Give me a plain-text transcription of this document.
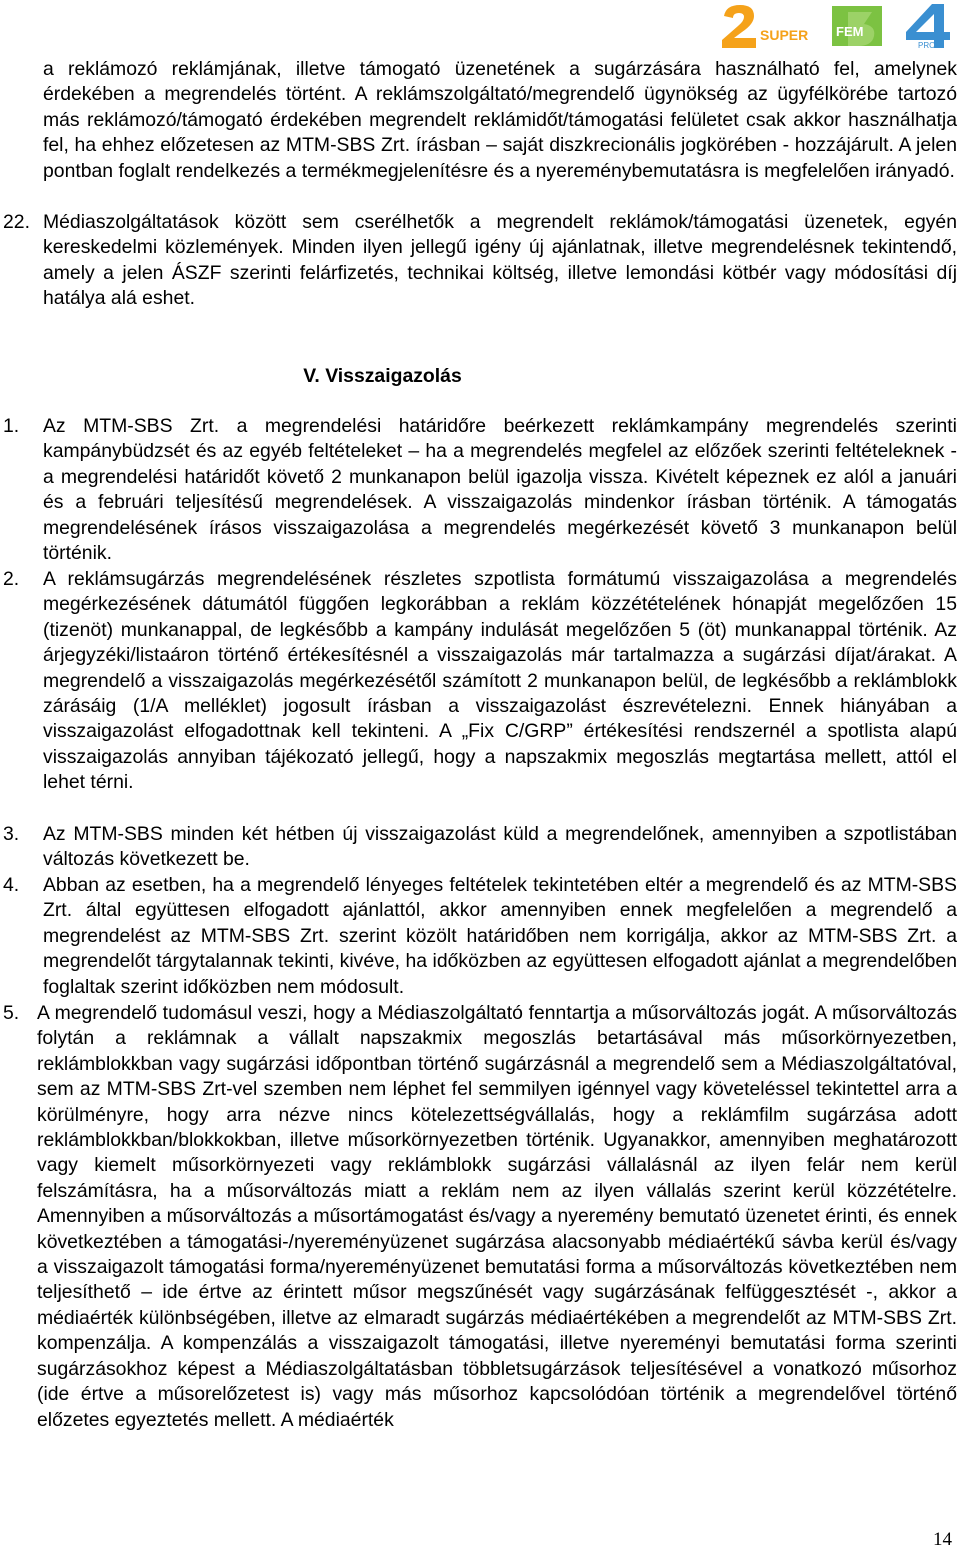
SUPER FEM
PRO

a reklámozó reklámjának, illetve támogató üzenetének a sugárzására használható fel, amelynek érdekében a megrendelés történt. A reklámszolgáltató/megrendelő ügynökség az ügyfélkörébe tartozó más reklámozó/támogató érdekében megrendelt reklámidőt/támogatási felületet csak akkor használhatja fel, ha ehhez előzetesen az MTM-SBS Zrt. írásban – saját diszkrecionális jogkörében - hozzájárult. A jelen pontban foglalt rendelkezés a termékmegjelenítésre és a nyereménybemutatásra is megfelelően irányadó.

22. Médiaszolgáltatások között sem cserélhetők a megrendelt reklámok/támogatási üzenetek, egyén kereskedelmi közlemények. Minden ilyen jellegű igény új ajánlatnak, illetve megrendelésnek tekintendő, amely a jelen ÁSZF szerinti felárfizetés, technikai költség, illetve lemondási kötbér vagy módosítási díj hatálya alá eshet.

V. Visszaigazolás
1. Az MTM-SBS Zrt. a megrendelési határidőre beérkezett reklámkampány megrendelés szerinti kampánybüdzsét és az egyéb feltételeket – ha a megrendelés megfelel az előzőek szerinti feltételeknek - a megrendelési határidőt követő 2 munkanapon belül igazolja vissza. Kivételt képeznek ez alól a januári és a februári teljesítésű megrendelések. A visszaigazolás mindenkor írásban történik. A támogatás megrendelésének írásos visszaigazolása a megrendelés megérkezését követő 3 munkanapon belül történik.

2. A reklámsugárzás megrendelésének részletes szpotlista formátumú visszaigazolása a megrendelés megérkezésének dátumától függően legkorábban a reklám közzétételének hónapját megelőzően 15 (tizenöt) munkanappal, de legkésőbb a kampány indulását megelőzően 5 (öt) munkanappal történik. Az árjegyzéki/listaáron történő értékesítésnél a visszaigazolás már tartalmazza a sugárzási díjat/árakat. A megrendelő a visszaigazolás megérkezésétől számított 2 munkanapon belül, de legkésőbb a reklámblokk zárásáig (1/A melléklet) jogosult írásban a visszaigazolást észrevételezni. Ennek hiányában a visszaigazolást elfogadottnak kell tekinteni. A „Fix C/GRP” értékesítési rendszernél a spotlista alapú visszaigazolás annyiban tájékozató jellegű, hogy a napszakmix megoszlás megtartása mellett, attól el lehet térni.

3. Az MTM-SBS minden két hétben új visszaigazolást küld a megrendelőnek, amennyiben a szpotlistában változás következett be.

4. Abban az esetben, ha a megrendelő lényeges feltételek tekintetében eltér a megrendelő és az MTM-SBS Zrt. által együttesen elfogadott ajánlattól, akkor amennyiben ennek megfelelően a megrendelő a megrendelést az MTM-SBS Zrt. szerint közölt határidőben nem korrigálja, akkor az MTM-SBS Zrt. a megrendelőt tárgytalannak tekinti, kivéve, ha időközben az együttesen elfogadott ajánlat a megrendelőben foglaltak szerint időközben nem módosult.

5. A megrendelő tudomásul veszi, hogy a Médiaszolgáltató fenntartja a műsorváltozás jogát. A műsorváltozás folytán a reklámnak a vállalt napszakmix megoszlás betartásával más műsorkörnyezetben, reklámblokkban vagy sugárzási időpontban történő sugárzásnál a megrendelő sem a Médiaszolgáltatóval, sem az MTM-SBS Zrt-vel szemben nem léphet fel semmilyen igénnyel vagy követeléssel tekintettel arra a körülményre, hogy arra nézve nincs kötelezettségvállalás, hogy a reklámfilm sugárzása adott reklámblokkban/blokkokban, illetve műsorkörnyezetben történik. Ugyanakkor, amennyiben meghatározott vagy kiemelt műsorkörnyezeti vagy reklámblokk sugárzási vállalásnál az ilyen felár nem kerül felszámításra, ha a műsorváltozás miatt a reklám nem az ilyen vállalás szerint kerül közzétételre. Amennyiben a műsorváltozás a műsortámogatást és/vagy a nyeremény bemutató üzenetet érinti, és ennek következtében a támogatási-/nyereményüzenet sugárzása alacsonyabb médiaértékű sávba kerül és/vagy a visszaigazolt támogatási forma/nyereményüzenet bemutatási forma a műsorváltozás következtében nem teljesíthető – ide értve az érintett műsor megszűnését vagy sugárzásának felfüggesztését -, akkor a médiaérték különbségében, illetve az elmaradt sugárzás médiaértékében a megrendelőt az MTM-SBS Zrt. kompenzálja. A kompenzálás a visszaigazolt támogatási, illetve nyereményi bemutatási forma szerinti sugárzásokhoz képest a Médiaszolgáltatásban többletsugárzások teljesítésével a vonatkozó műsorhoz (ide értve a műsorelőzetest is) vagy más műsorhoz kapcsolódóan történik a megrendelővel történő előzetes egyeztetés mellett. A médiaérték

14
